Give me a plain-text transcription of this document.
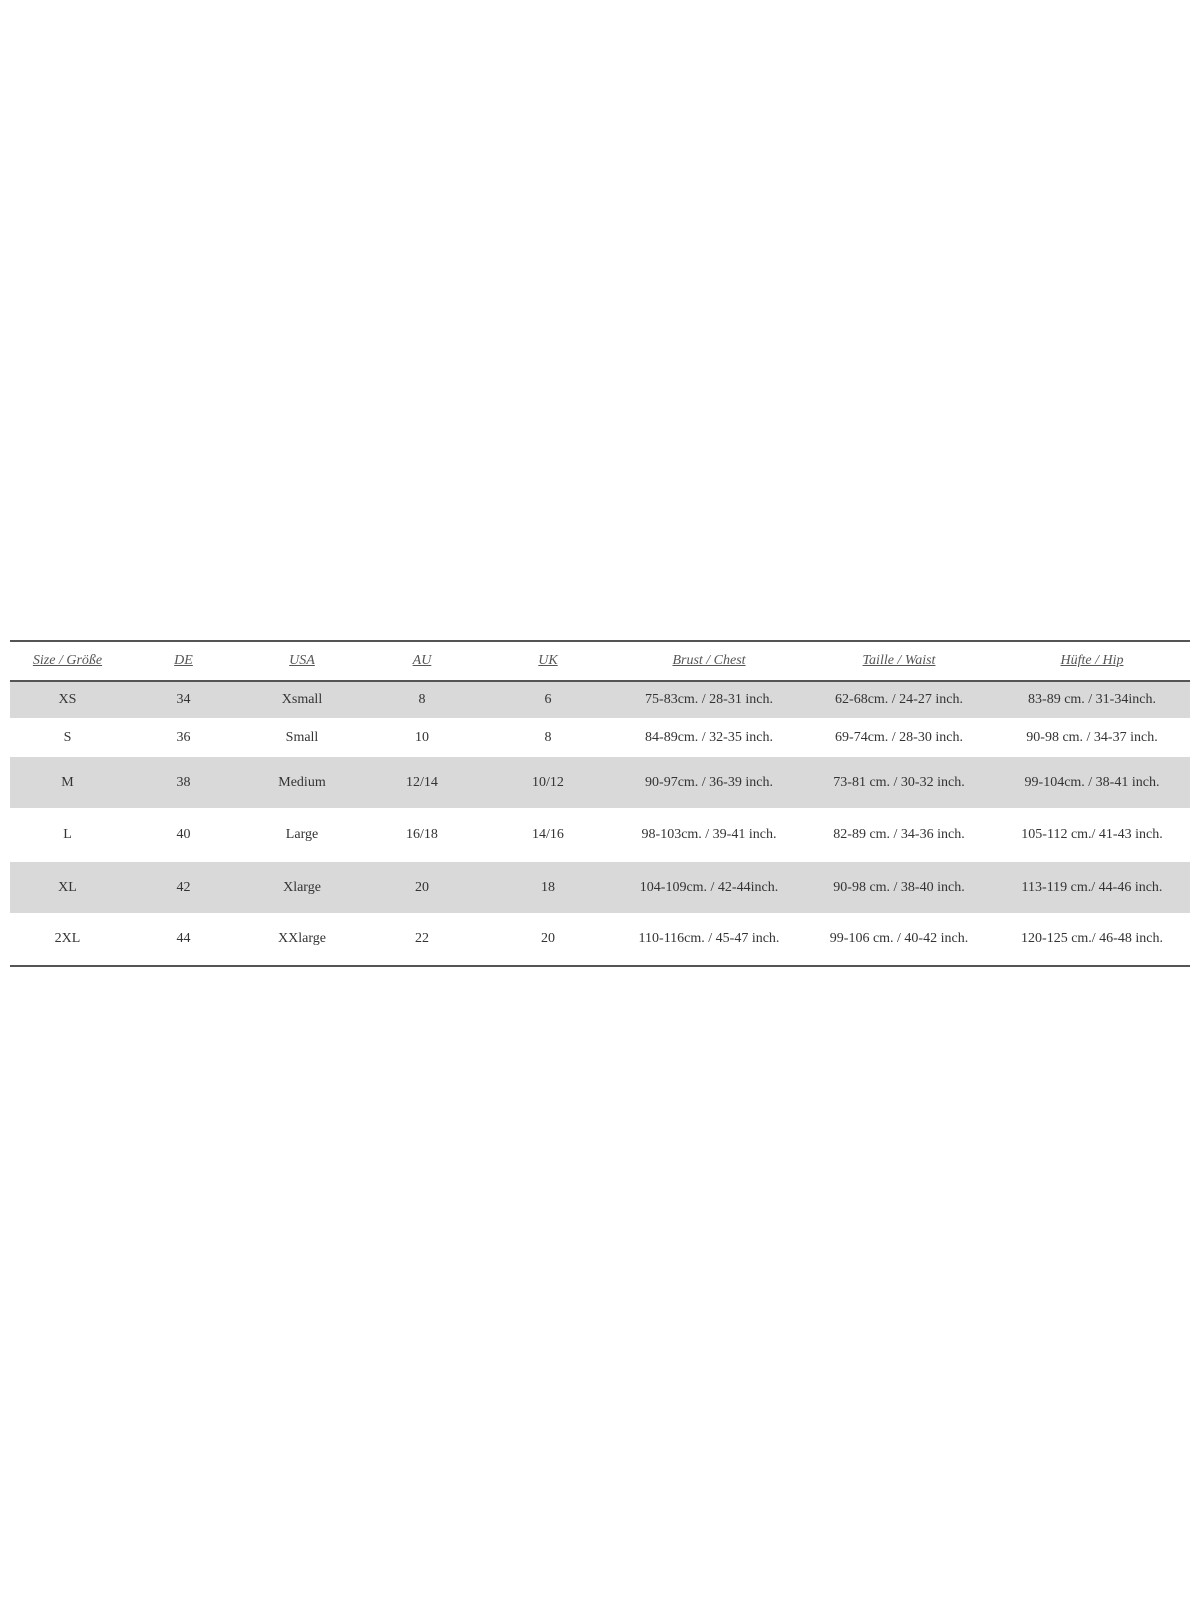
Size / Größe	DE	USA	AU	UK	Brust / Chest	Taille / Waist	Hüfte / Hip
XS	34	Xsmall	8	6	75-83cm. / 28-31 inch.	62-68cm. / 24-27 inch.	83-89 cm. / 31-34inch.
S	36	Small	10	8	84-89cm. / 32-35 inch.	69-74cm. / 28-30 inch.	90-98 cm. / 34-37 inch.
M	38	Medium	12/14	10/12	90-97cm. / 36-39 inch.	73-81 cm. / 30-32 inch.	99-104cm. / 38-41 inch.
L	40	Large	16/18	14/16	98-103cm. / 39-41 inch.	82-89 cm. / 34-36 inch.	105-112 cm./ 41-43 inch.
XL	42	Xlarge	20	18	104-109cm. / 42-44inch.	90-98 cm. / 38-40 inch.	113-119 cm./ 44-46 inch.
2XL	44	XXlarge	22	20	110-116cm. / 45-47 inch.	99-106 cm. / 40-42 inch.	120-125 cm./ 46-48 inch.
